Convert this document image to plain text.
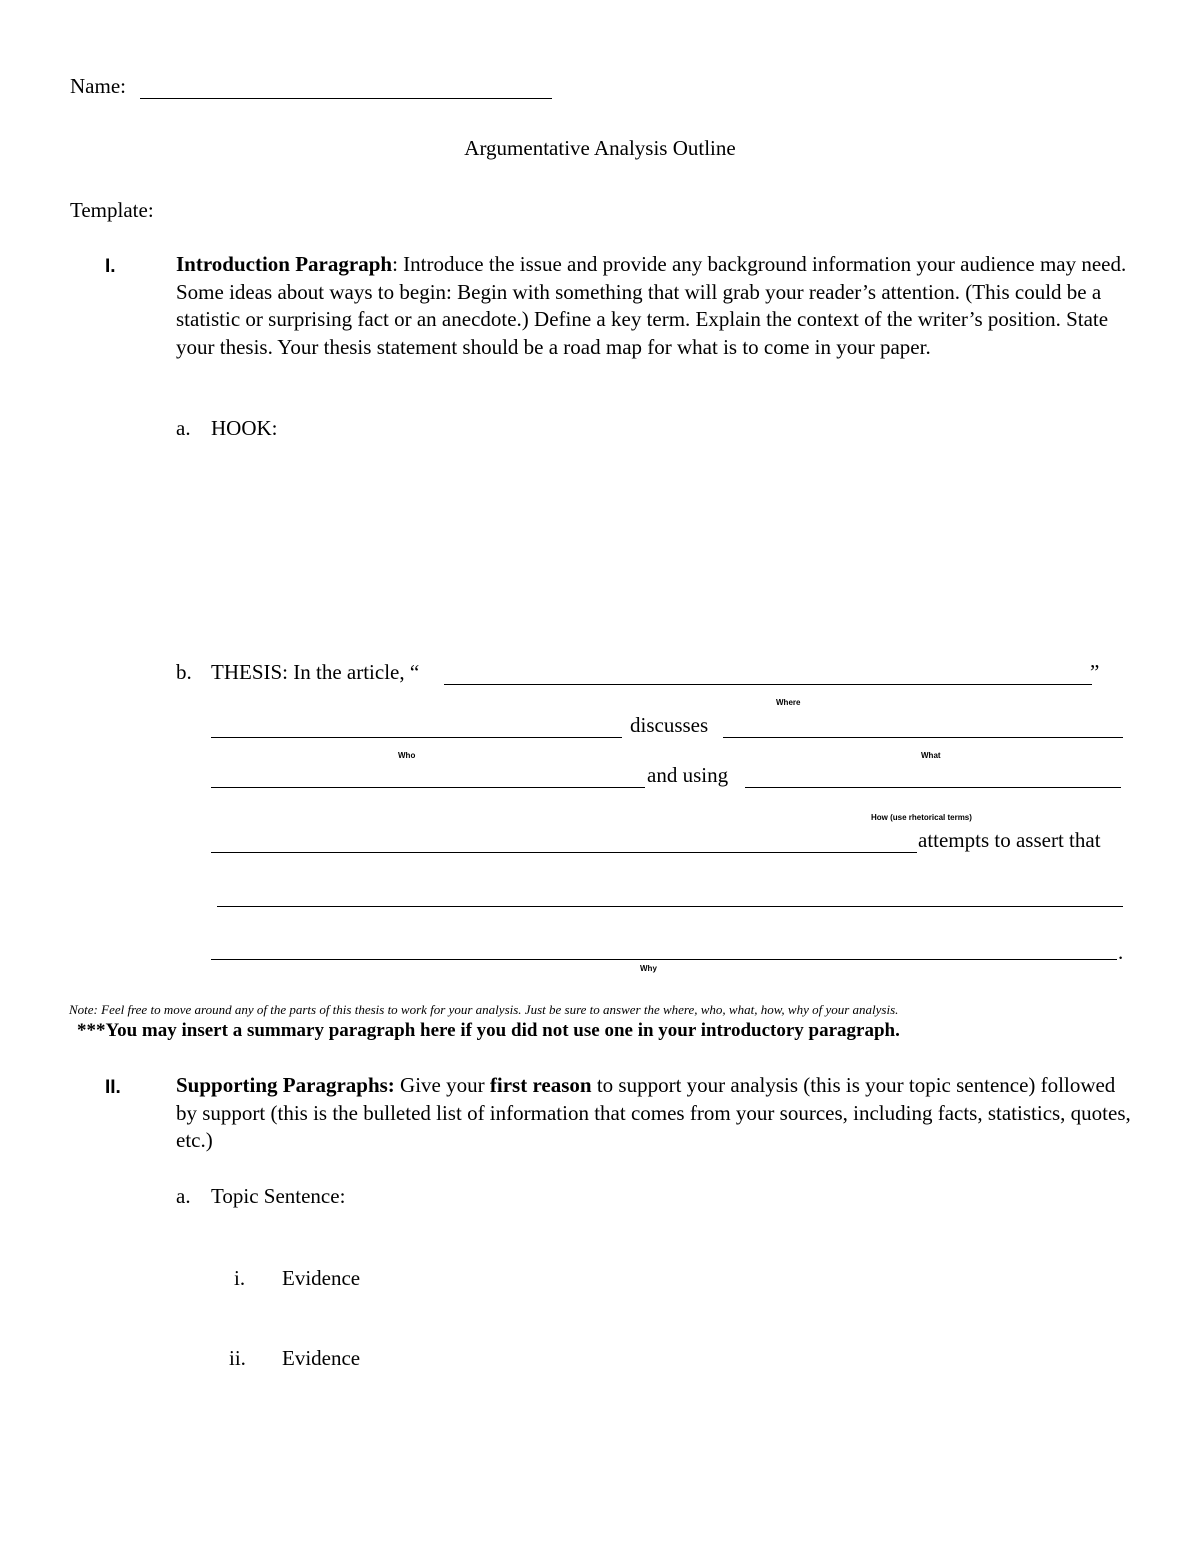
Name:
Argumentative Analysis Outline
Template:
I.	Introduction Paragraph: Introduce the issue and provide any background information your audience may need. Some ideas about ways to begin: Begin with something that will grab your reader’s attention. (This could be a statistic or surprising fact or an anecdote.) Define a key term. Explain the context of the writer’s position. State your thesis. Your thesis statement should be a road map for what is to come in your paper.
a. HOOK:
b. THESIS: In the article, “	”
Where
discusses
Who	What
and using
How (use rhetorical terms)
attempts to assert that
.
Why
Note: Feel free to move around any of the parts of this thesis to work for your analysis. Just be sure to answer the where, who, what, how, why of your analysis.
***You may insert a summary paragraph here if you did not use one in your introductory paragraph.
II.	Supporting Paragraphs: Give your first reason to support your analysis (this is your topic sentence) followed by support (this is the bulleted list of information that comes from your sources, including facts, statistics, quotes, etc.)
a. Topic Sentence:
i. Evidence
ii. Evidence
